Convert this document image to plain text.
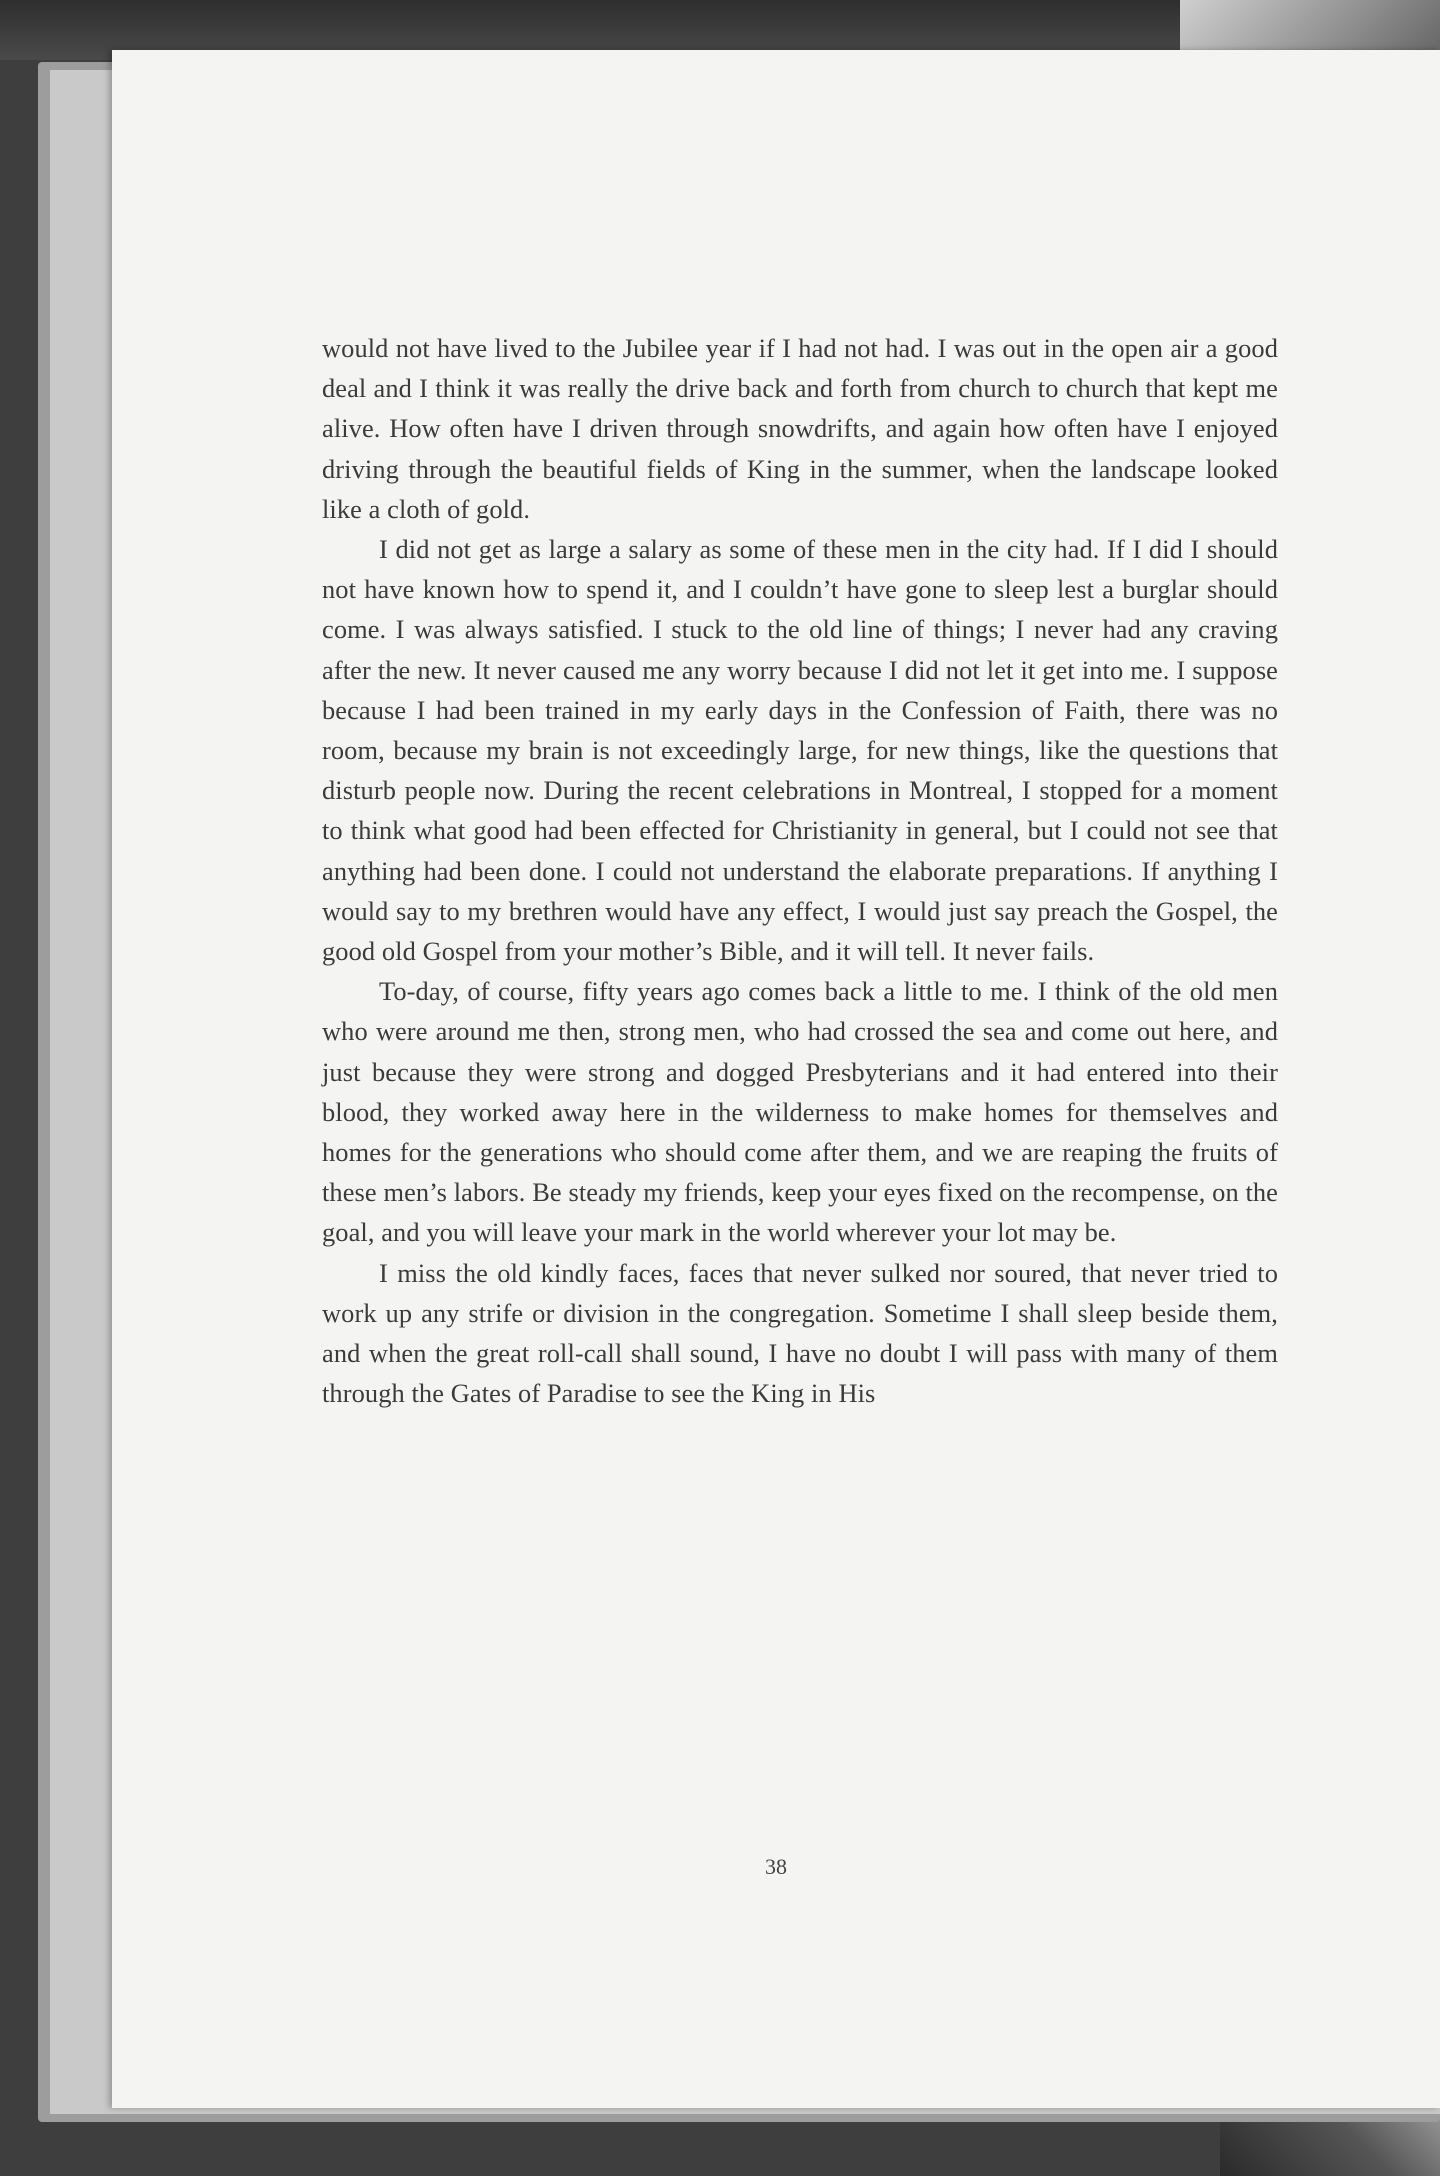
would not have lived to the Jubilee year if I had not had. I was out in the open air a good deal and I think it was really the drive back and forth from church to church that kept me alive. How often have I driven through snowdrifts, and again how often have I enjoyed driving through the beautiful fields of King in the summer, when the landscape looked like a cloth of gold.

I did not get as large a salary as some of these men in the city had. If I did I should not have known how to spend it, and I couldn’t have gone to sleep lest a burglar should come. I was always satisfied. I stuck to the old line of things; I never had any craving after the new. It never caused me any worry because I did not let it get into me. I suppose because I had been trained in my early days in the Confession of Faith, there was no room, because my brain is not exceedingly large, for new things, like the questions that disturb people now. During the recent celebrations in Montreal, I stopped for a moment to think what good had been effected for Christianity in general, but I could not see that anything had been done. I could not understand the elaborate preparations. If anything I would say to my brethren would have any effect, I would just say preach the Gospel, the good old Gospel from your mother’s Bible, and it will tell. It never fails.

To-day, of course, fifty years ago comes back a little to me. I think of the old men who were around me then, strong men, who had crossed the sea and come out here, and just because they were strong and dogged Presbyterians and it had entered into their blood, they worked away here in the wilderness to make homes for themselves and homes for the generations who should come after them, and we are reaping the fruits of these men’s labors. Be steady my friends, keep your eyes fixed on the recompense, on the goal, and you will leave your mark in the world wherever your lot may be.

I miss the old kindly faces, faces that never sulked nor soured, that never tried to work up any strife or division in the congregation. Sometime I shall sleep beside them, and when the great roll-call shall sound, I have no doubt I will pass with many of them through the Gates of Paradise to see the King in His

38
